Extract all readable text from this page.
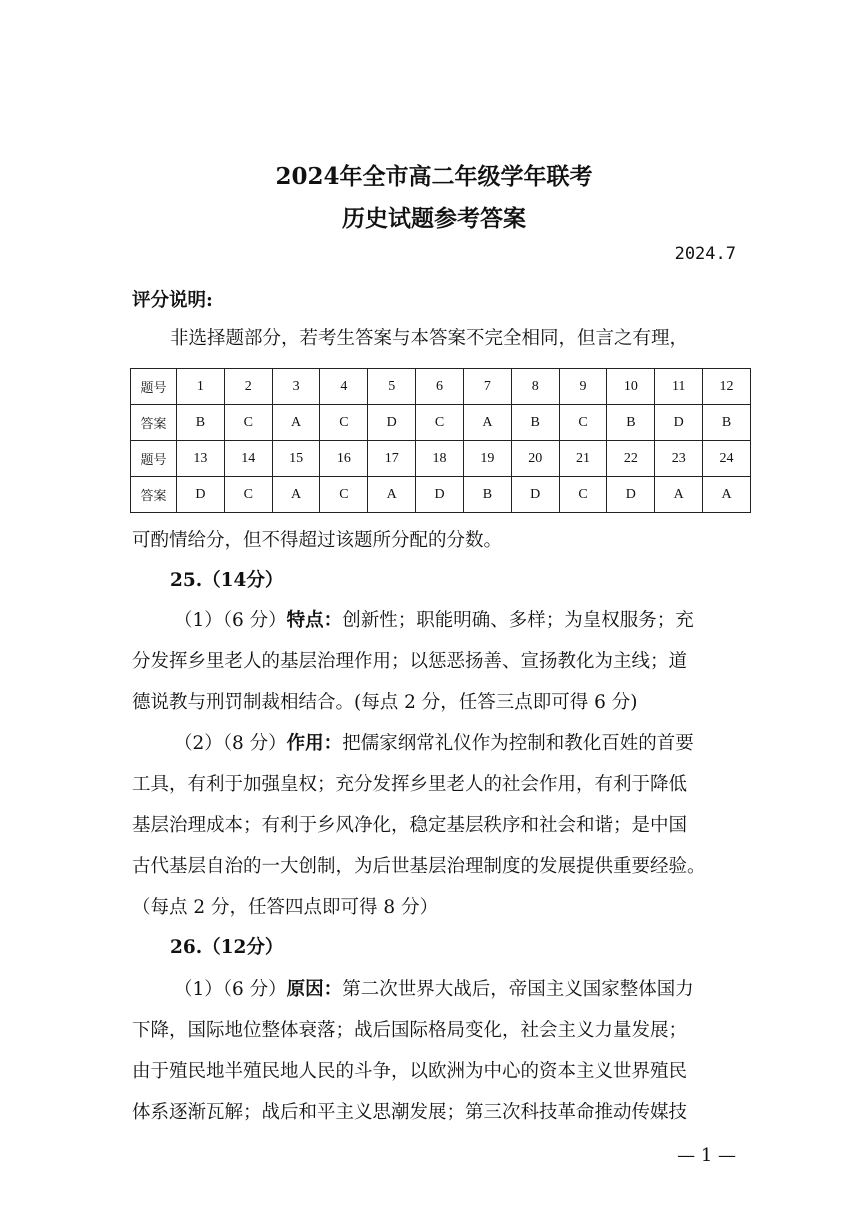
2024年全市高二年级学年联考
历史试题参考答案
2024.7
评分说明:
非选择题部分，若考生答案与本答案不完全相同，但言之有理，
题号	1	2	3	4	5	6	7	8	9	10	11	12
答案	B	C	A	C	D	C	A	B	C	B	D	B
题号	13	14	15	16	17	18	19	20	21	22	23	24
答案	D	C	A	C	A	D	B	D	C	D	A	A
可酌情给分，但不得超过该题所分配的分数。
25.（14分）
（1）（6 分）特点：创新性；职能明确、多样；为皇权服务；充
分发挥乡里老人的基层治理作用；以惩恶扬善、宣扬教化为主线；道
德说教与刑罚制裁相结合。(每点 2 分，任答三点即可得 6 分)
（2）（8 分）作用：把儒家纲常礼仪作为控制和教化百姓的首要
工具，有利于加强皇权；充分发挥乡里老人的社会作用，有利于降低
基层治理成本；有利于乡风净化，稳定基层秩序和社会和谐；是中国
古代基层自治的一大创制，为后世基层治理制度的发展提供重要经验。
（每点 2 分，任答四点即可得 8 分）
26.（12分）
（1）（6 分）原因：第二次世界大战后，帝国主义国家整体国力
下降，国际地位整体衰落；战后国际格局变化，社会主义力量发展；
由于殖民地半殖民地人民的斗争，以欧洲为中心的资本主义世界殖民
体系逐渐瓦解；战后和平主义思潮发展；第三次科技革命推动传媒技
— 1 —
